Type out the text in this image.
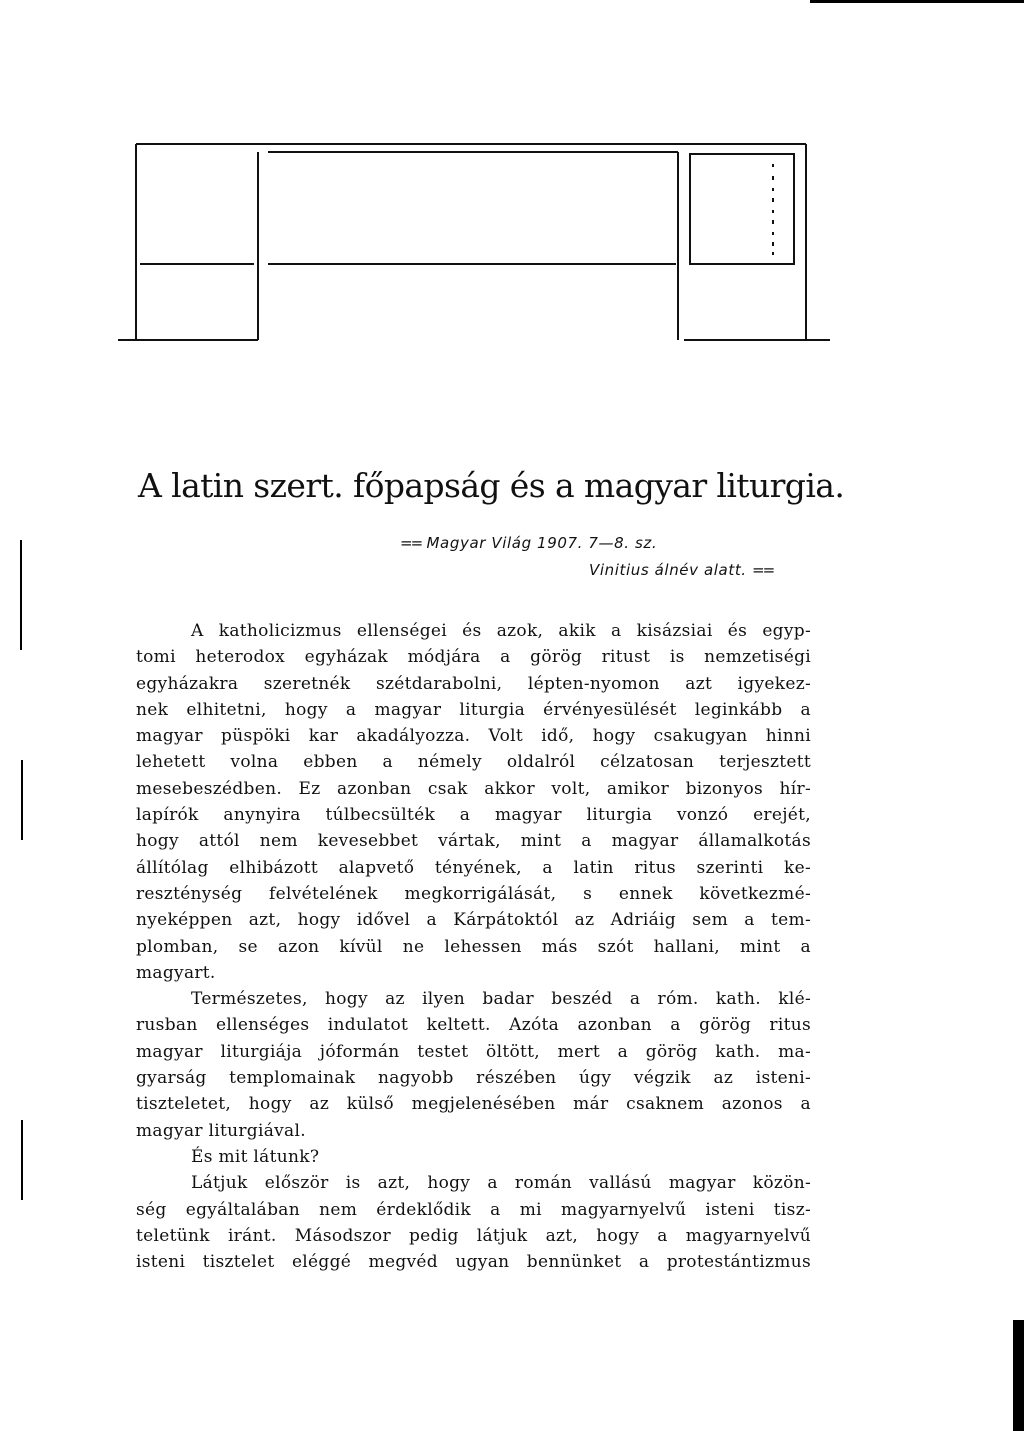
A latin szert. főpapság és a magyar liturgia.
== Magyar Világ 1907. 7—8. sz.
Vinitius álnév alatt. ==
A katholicizmus ellenségei és azok, akik a kisázsiai és egyp-
tomi heterodox egyházak módjára a görög ritust is nemzetiségi
egyházakra szeretnék szétdarabolni, lépten-nyomon azt igyekez-
nek elhitetni, hogy a magyar liturgia érvényesülését leginkább a
magyar püspöki kar akadályozza. Volt idő, hogy csakugyan hinni
lehetett volna ebben a némely oldalról célzatosan terjesztett
mesebeszédben. Ez azonban csak akkor volt, amikor bizonyos hír-
lapírók anynyira túlbecsülték a magyar liturgia vonzó erejét,
hogy attól nem kevesebbet vártak, mint a magyar államalkotás
állítólag elhibázott alapvető tényének, a latin ritus szerinti ke-
reszténység felvételének megkorrigálását, s ennek következmé-
nyeképpen azt, hogy idővel a Kárpátoktól az Adriáig sem a tem-
plomban, se azon kívül ne lehessen más szót hallani, mint a
magyart.
Természetes, hogy az ilyen badar beszéd a róm. kath. klé-
rusban ellenséges indulatot keltett. Azóta azonban a görög ritus
magyar liturgiája jóformán testet öltött, mert a görög kath. ma-
gyarság templomainak nagyobb részében úgy végzik az isteni-
tiszteletet, hogy az külső megjelenésében már csaknem azonos a
magyar liturgiával.
És mit látunk?
Látjuk először is azt, hogy a román vallású magyar közön-
ség egyáltalában nem érdeklődik a mi magyarnyelvű isteni tisz-
teletünk iránt. Másodszor pedig látjuk azt, hogy a magyarnyelvű
isteni tisztelet eléggé megvéd ugyan bennünket a protestántizmus
